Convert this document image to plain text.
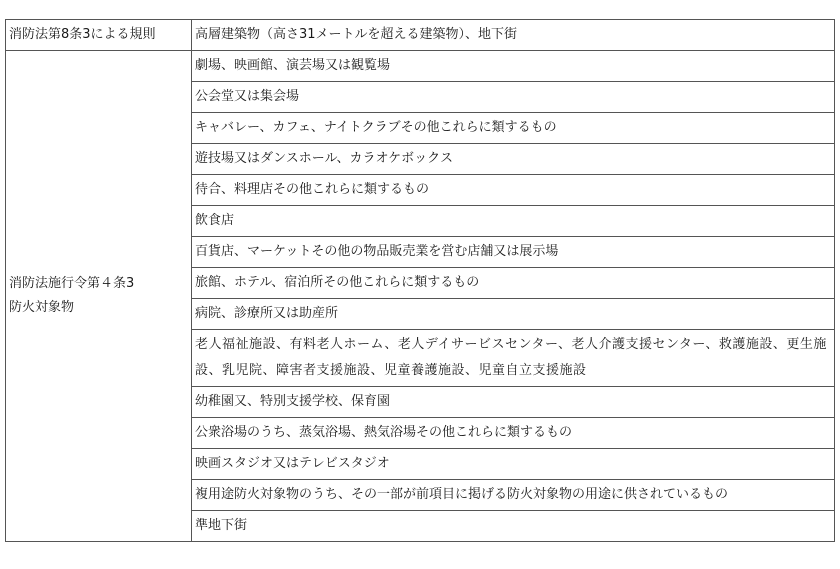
消防法第8条3による規則	高層建築物（高さ31メートルを超える建築物）、地下街

消防法施行令第４条3
防火対象物	劇場、映画館、演芸場又は観覧場
	公会堂又は集会場
	キャバレー、カフェ、ナイトクラブその他これらに類するもの
	遊技場又はダンスホール、カラオケボックス
	待合、料理店その他これらに類するもの
	飲食店
	百貨店、マーケットその他の物品販売業を営む店舗又は展示場
	旅館、ホテル、宿泊所その他これらに類するもの
	病院、診療所又は助産所
	老人福祉施設、有料老人ホーム、老人デイサービスセンター、老人介護支援センター、救護施設、更生施設、乳児院、障害者支援施設、児童養護施設、児童自立支援施設
	幼稚園又、特別支援学校、保育園
	公衆浴場のうち、蒸気浴場、熱気浴場その他これらに類するもの
	映画スタジオ又はテレビスタジオ
	複用途防火対象物のうち、その一部が前項目に掲げる防火対象物の用途に供されているもの
	準地下街
